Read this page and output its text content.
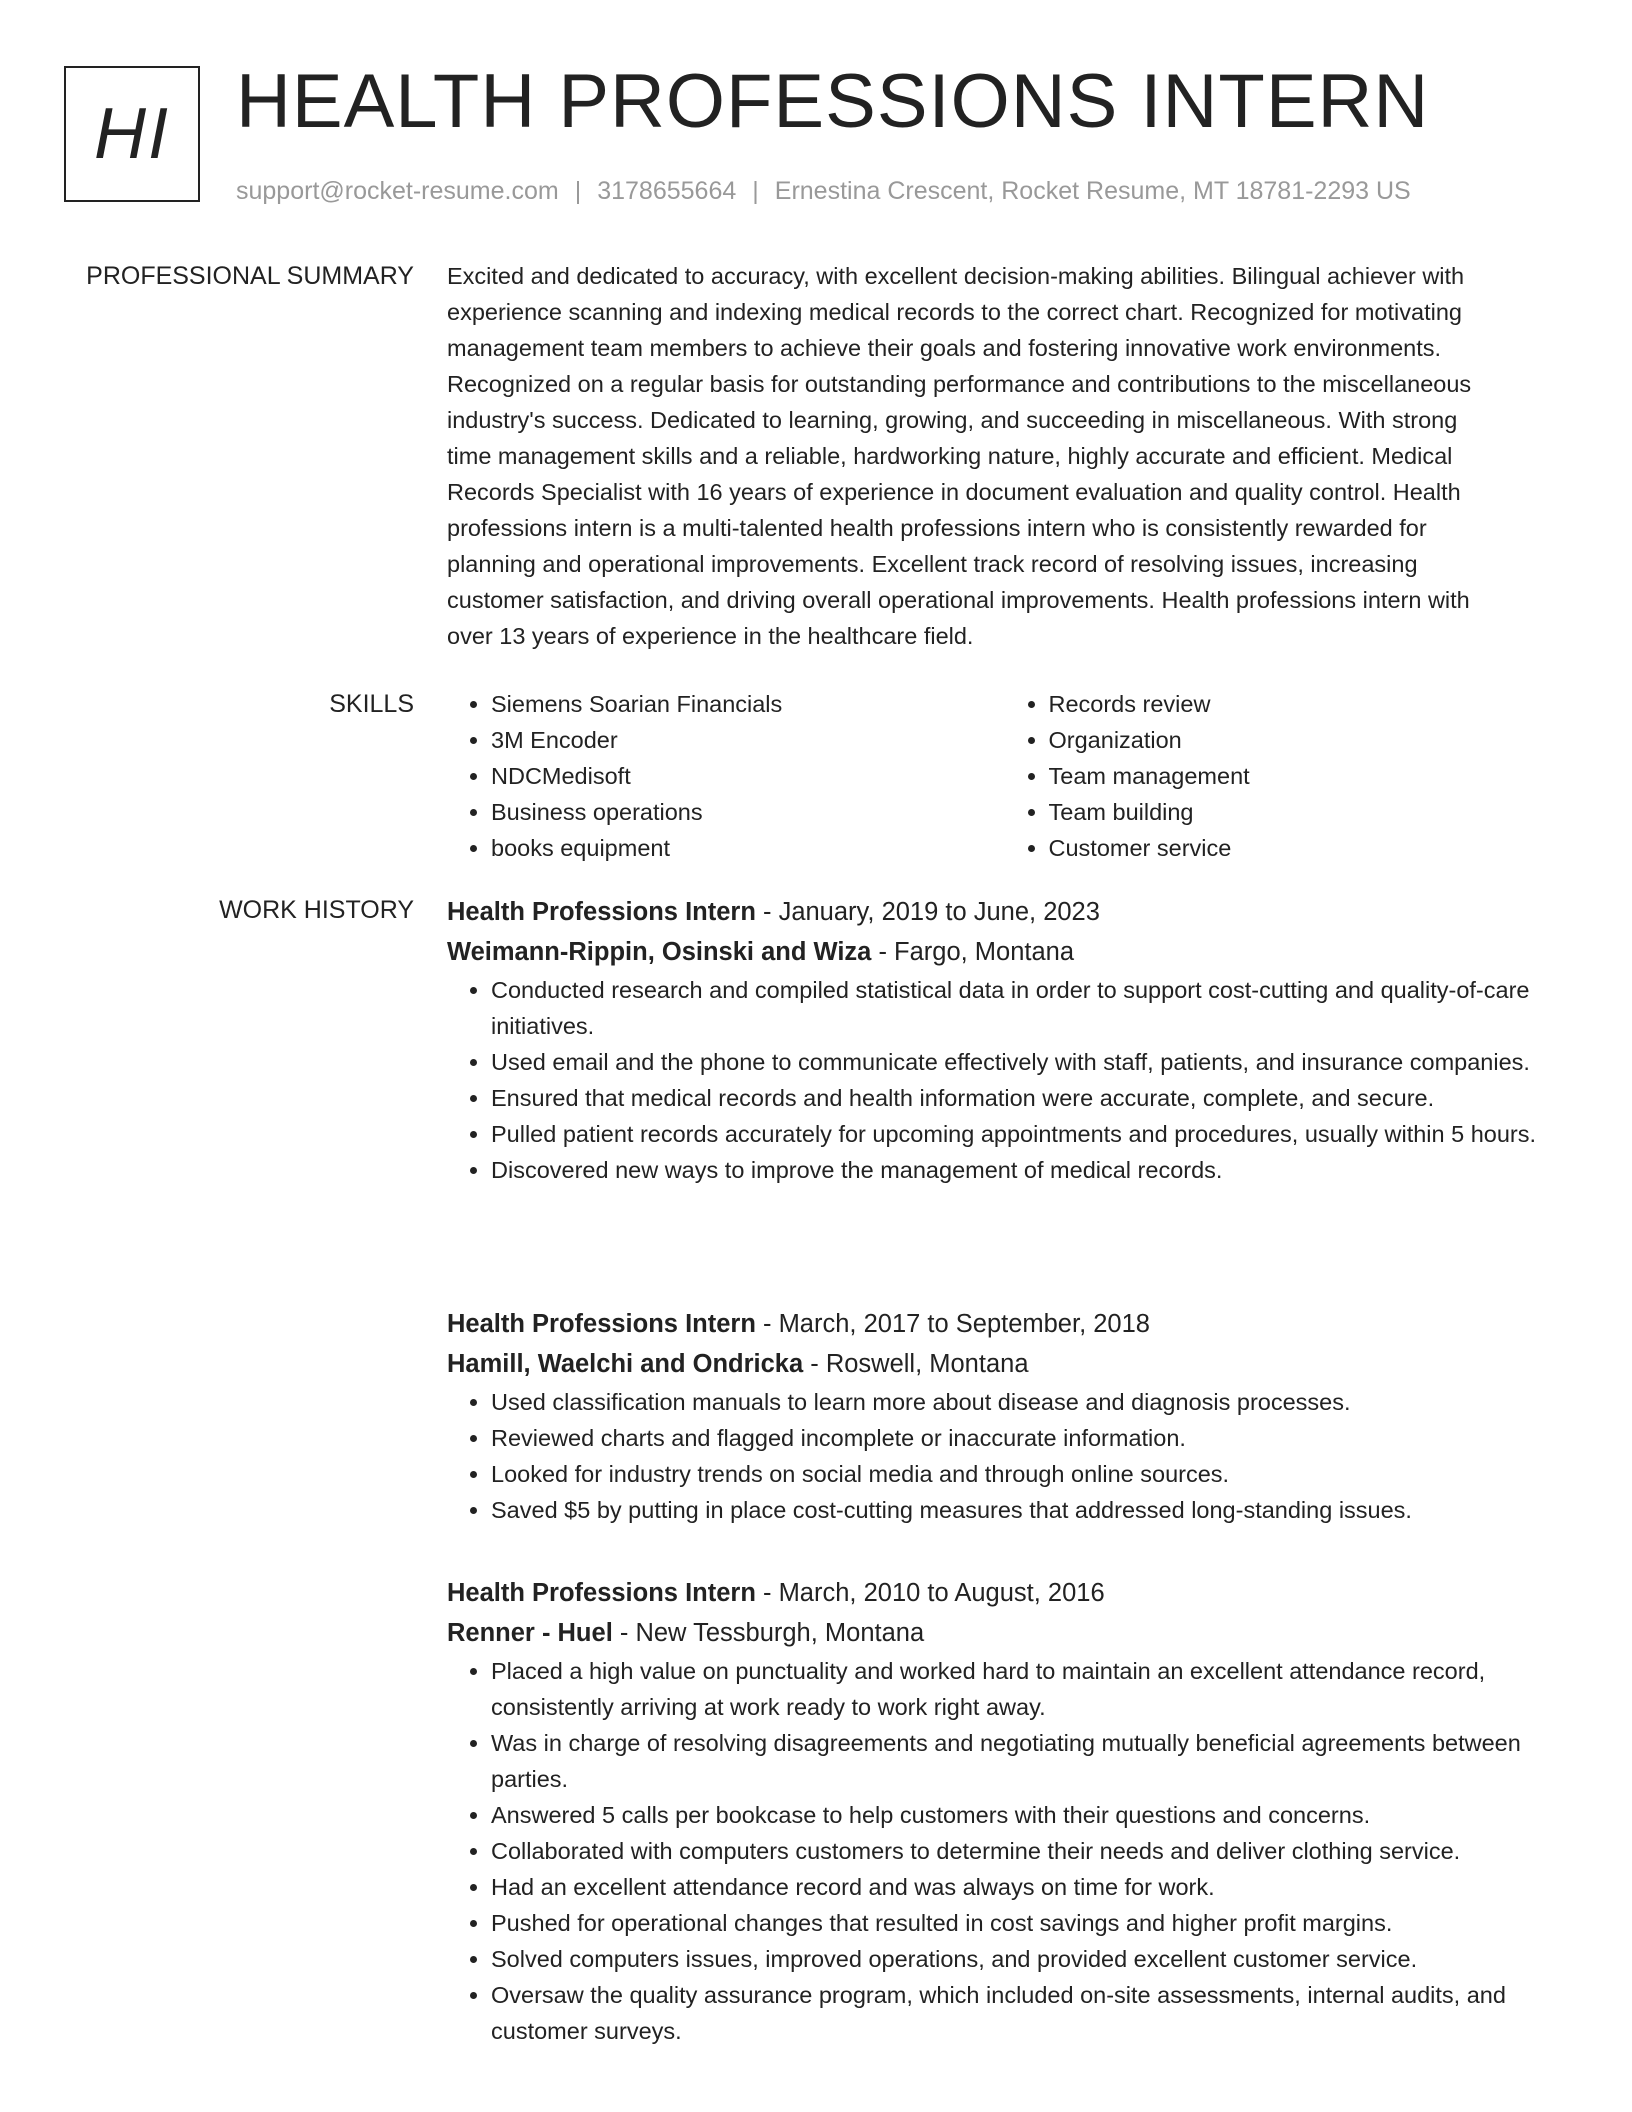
HI HEALTH PROFESSIONS INTERN
support@rocket-resume.com | 3178655664 | Ernestina Crescent, Rocket Resume, MT 18781-2293 US
PROFESSIONAL SUMMARY Excited and dedicated to accuracy, with excellent decision-making abilities. Bilingual achiever with
experience scanning and indexing medical records to the correct chart. Recognized for motivating
management team members to achieve their goals and fostering innovative work environments.
Recognized on a regular basis for outstanding performance and contributions to the miscellaneous
industry's success. Dedicated to learning, growing, and succeeding in miscellaneous. With strong
time management skills and a reliable, hardworking nature, highly accurate and efficient. Medical
Records Specialist with 16 years of experience in document evaluation and quality control. Health
professions intern is a multi-talented health professions intern who is consistently rewarded for
planning and operational improvements. Excellent track record of resolving issues, increasing
customer satisfaction, and driving overall operational improvements. Health professions intern with
over 13 years of experience in the healthcare field.
SKILLS
•	Siemens Soarian Financials
• 3M Encoder
• NDCMedisoft
• Business operations
• books equipment
• Records review
• Organization
• Team management
• Team building
• Customer service
WORK HISTORY Health Professions Intern - January, 2019 to June, 2023
Weimann-Rippin, Osinski and Wiza - Fargo, Montana
• Conducted research and compiled statistical data in order to support cost-cutting and quality-of-care initiatives.
• Used email and the phone to communicate effectively with staff, patients, and insurance companies.
• Ensured that medical records and health information were accurate, complete, and secure.
• Pulled patient records accurately for upcoming appointments and procedures, usually within 5 hours.
• Discovered new ways to improve the management of medical records.
Health Professions Intern - March, 2017 to September, 2018
Hamill, Waelchi and Ondricka - Roswell, Montana
• Used classification manuals to learn more about disease and diagnosis processes.
• Reviewed charts and flagged incomplete or inaccurate information.
• Looked for industry trends on social media and through online sources.
• Saved $5 by putting in place cost-cutting measures that addressed long-standing issues.
Health Professions Intern - March, 2010 to August, 2016
Renner - Huel - New Tessburgh, Montana
• Placed a high value on punctuality and worked hard to maintain an excellent attendance record, consistently arriving at work ready to work right away.
• Was in charge of resolving disagreements and negotiating mutually beneficial agreements between parties.
• Answered 5 calls per bookcase to help customers with their questions and concerns.
• Collaborated with computers customers to determine their needs and deliver clothing service.
• Had an excellent attendance record and was always on time for work.
• Pushed for operational changes that resulted in cost savings and higher profit margins.
• Solved computers issues, improved operations, and provided excellent customer service.
• Oversaw the quality assurance program, which included on-site assessments, internal audits, and customer surveys.
